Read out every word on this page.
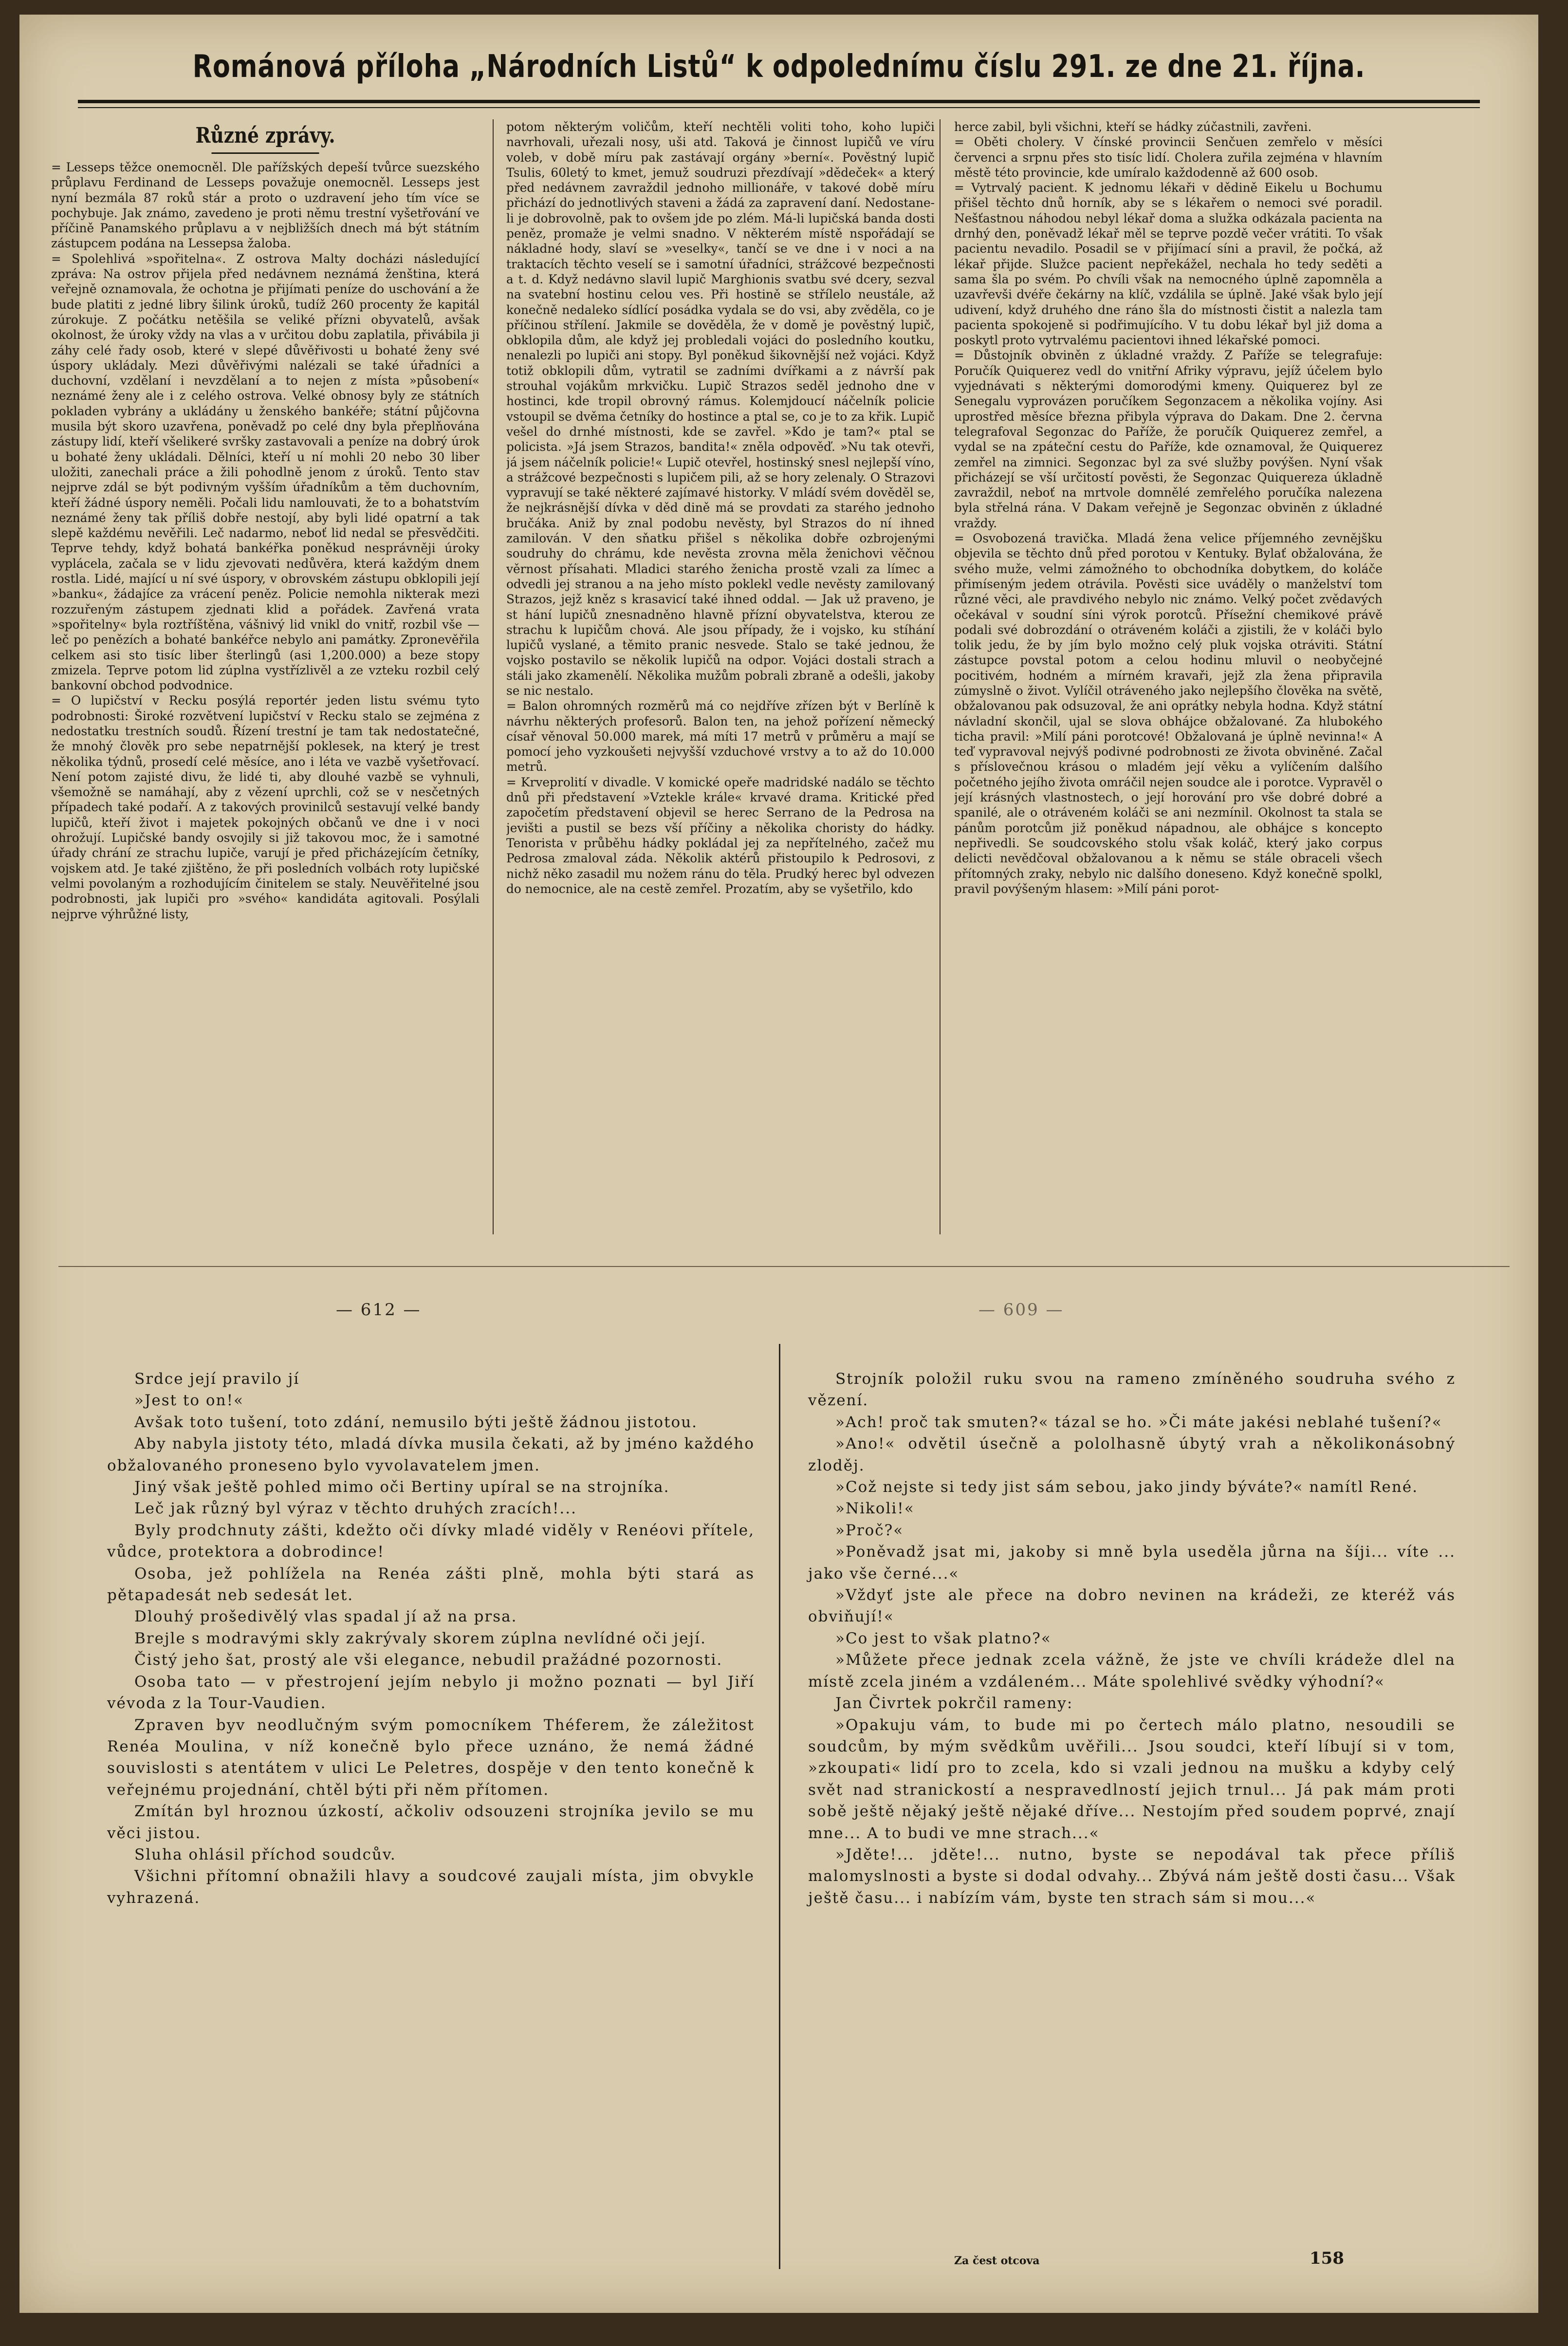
Románová příloha „Národních Listů“ k odpolednímu číslu 291. ze dne 21. října.
Různé zprávy.

= Lesseps těžce onemocněl. Dle pařížských depeší tvůrce suezského průplavu Ferdinand de Lesseps považuje onemocněl. Lesseps jest nyní bezmála 87 roků stár a proto o uzdravení jeho tím více se pochybuje. Jak známo, zavedeno je proti němu trestní vyšetřování ve příčině Panamského průplavu a v nejbližších dnech má být státním zástupcem podána na Lessepsa žaloba.

= Spolehlivá »spořitelna«. Z ostrova Malty docházi následující zpráva: Na ostrov přijela před nedávnem neznámá ženština, která veřejně oznamovala, že ochotna je přijímati peníze do uschování a že bude platiti z jedné libry šilink úroků, tudíž 260 procenty že kapitál zúrokuje. Z počátku netěšila se veliké přízni obyvatelů, avšak okolnost, že úroky vždy na vlas a v určitou dobu zaplatila, přivábila ji záhy celé řady osob, které v slepé důvěřivosti u bohaté ženy své úspory ukládaly. Mezi důvěřivými nalézali se také úřadníci a duchovní, vzdělaní i nevzdělaní a to nejen z místa »působení« neznámé ženy ale i z celého ostrova. Velké obnosy byly ze státních pokladen vybrány a ukládány u ženského bankéře; státní půjčovna musila být skoro uzavřena, poněvadž po celé dny byla přeplňována zástupy lidí, kteří všelikeré svršky zastavovali a peníze na dobrý úrok u bohaté ženy ukládali. Dělníci, kteří u ní mohli 20 nebo 30 liber uložiti, zanechali práce a žili pohodlně jenom z úroků. Tento stav nejprve zdál se být podivným vyšším úřadníkům a těm duchovním, kteří žádné úspory neměli. Počali lidu namlouvati, že to a bohatstvím neznámé ženy tak příliš dobře nestojí, aby byli lidé opatrní a tak slepě každému nevěřili. Leč nadarmo, neboť lid nedal se přesvědčiti. Teprve tehdy, když bohatá bankéřka poněkud nesprávněji úroky vyplácela, začala se v lidu zjevovati nedůvěra, která každým dnem rostla. Lidé, mající u ní své úspory, v obrovském zástupu obklopili její »banku«, žádajíce za vrácení peněz. Policie nemohla nikterak mezi rozzuřeným zástupem zjednati klid a pořádek. Zavřená vrata »spořitelny« byla roztříštěna, vášnivý lid vnikl do vnitř, rozbil vše — leč po penězích a bohaté bankéřce nebylo ani památky. Zpronevěřila celkem asi sto tisíc liber šterlingů (asi 1,200.000) a beze stopy zmizela. Teprve potom lid zúplna vystřízlivěl a ze vzteku rozbil celý bankovní obchod podvodnice.

= O lupičství v Recku posýlá reportér jeden listu svému tyto podrobnosti: Široké rozvětvení lupičství v Recku stalo se zejména z nedostatku trestních soudů. Řízení trestní je tam tak nedostatečné, že mnohý člověk pro sebe nepatrnější poklesek, na který je trest několika týdnů, prosedí celé měsíce, ano i léta ve vazbě vyšetřovací. Není potom zajisté divu, že lidé ti, aby dlouhé vazbě se vyhnuli, všemožně se namáhají, aby z vězení uprchli, což se v nesčetných případech také podaří. A z takových provinilců sestavují velké bandy lupičů, kteří život i majetek pokojných občanů ve dne i v noci ohrožují. Lupičské bandy osvojily si již takovou moc, že i samotné úřady chrání ze strachu lupiče, varují je před přicházejícím četníky, vojskem atd. Je také zjištěno, že při posledních volbách roty lupičské velmi povolaným a rozhodujícím činitelem se staly. Neuvěřitelné jsou podrobnosti, jak lupiči pro »svého« kandidáta agitovali. Posýlali nejprve výhrůžné listy,

potom některým voličům, kteří nechtěli voliti toho, koho lupiči navrhovali, uřezali nosy, uši atd. Taková je činnost lupičů ve víru voleb, v době míru pak zastávají orgány »berní«. Pověstný lupič Tsulis, 60letý to kmet, jemuž soudruzi přezdívají »dědeček« a který před nedávnem zavraždil jednoho millionáře, v takové době míru přichází do jednotlivých staveni a žádá za zapravení daní. Nedostane-li je dobrovolně, pak to ovšem jde po zlém. Má-li lupičská banda dosti peněz, promaže je velmi snadno. V některém místě nspořádají se nákladné hody, slaví se »veselky«, tančí se ve dne i v noci a na traktacích těchto veselí se i samotní úřadníci, strážcové bezpečnosti a t. d. Když nedávno slavil lupič Marghionis svatbu své dcery, sezval na svatební hostinu celou ves. Při hostině se střílelo neustále, až konečně nedaleko sídlící posádka vydala se do vsi, aby zvěděla, co je příčinou střílení. Jakmile se dověděla, že v domě je pověstný lupič, obklopila dům, ale když jej probledali vojáci do posledního koutku, nenalezli po lupiči ani stopy. Byl poněkud šikovnější než vojáci. Když totiž obklopili dům, vytratil se zadními dvířkami a z návrší pak strouhal vojákům mrkvičku. Lupič Strazos seděl jednoho dne v hostinci, kde tropil obrovný rámus. Kolemjdoucí náčelník policie vstoupil se dvěma četníky do hostince a ptal se, co je to za křik. Lupič vešel do drnhé místnosti, kde se zavřel. »Kdo je tam?« ptal se policista. »Já jsem Strazos, bandita!« zněla odpověď. »Nu tak otevři, já jsem náčelník policie!« Lupič otevřel, hostinský snesl nejlepší víno, a strážcové bezpečnosti s lupičem pili, až se hory zelenaly. O Strazovi vypravují se také některé zajímavé historky. V mládí svém dověděl se, že nejkrásnější dívka v děd dině má se provdati za starého jednoho bručáka. Aniž by znal podobu nevěsty, byl Strazos do ní ihned zamilován. V den sňatku přišel s několika dobře ozbrojenými soudruhy do chrámu, kde nevěsta zrovna měla ženichovi věčnou věrnost přísahati. Mladici starého ženicha prostě vzali za límec a odvedli jej stranou a na jeho místo poklekl vedle nevěsty zamilovaný Strazos, jejž kněz s krasavicí také ihned oddal. — Jak už praveno, je st hání lupičů znesnadněno hlavně přízní obyvatelstva, kterou ze strachu k lupičům chová. Ale jsou případy, že i vojsko, ku stíhání lupičů vyslané, a těmito pranic nesvede. Stalo se také jednou, že vojsko postavilo se několik lupičů na odpor. Vojáci dostali strach a stáli jako zkamenělí. Několika mužům pobrali zbraně a odešli, jakoby se nic nestalo.

= Balon ohromných rozměrů má co nejdříve zřízen být v Berlíně k návrhu některých profesorů. Balon ten, na jehož pořízení německý císař věnoval 50.000 marek, má míti 17 metrů v průměru a mají se pomocí jeho vyzkoušeti nejvyšší vzduchové vrstvy a to až do 10.000 metrů.

= Krveprolití v divadle. V komické opeře madridské nadálo se těchto dnů při představení »Vztekle krále« krvavé drama. Kritické před započetím představení objevil se herec Serrano de la Pedrosa na jevišti a pustil se bezs vší příčiny a několika choristy do hádky. Tenorista v průběhu hádky pokládal jej za nepřítelného, začež mu Pedrosa zmaloval záda. Několik aktérů přistoupilo k Pedrosovi, z nichž něko zasadil mu nožem ránu do těla. Prudký herec byl odvezen do nemocnice, ale na cestě zemřel. Prozatím, aby se vyšetřilo, kdo

herce zabil, byli všichni, kteří se hádky zúčastnili, zavřeni.

= Oběti cholery. V čínské provincii Senčuen zemřelo v měsíci červenci a srpnu přes sto tisíc lidí. Cholera zuřila zejména v hlavním městě této provincie, kde umíralo každodenně až 600 osob.

= Vytrvalý pacient. K jednomu lékaři v dědině Eikelu u Bochumu přišel těchto dnů horník, aby se s lékařem o nemoci své poradil. Nešťastnou náhodou nebyl lékař doma a služka odkázala pacienta na drnhý den, poněvadž lékař měl se teprve pozdě večer vrátiti. To však pacientu nevadilo. Posadil se v přijímací síni a pravil, že počká, až lékař přijde. Služce pacient nepřekážel, nechala ho tedy seděti a sama šla po svém. Po chvíli však na nemocného úplně zapomněla a uzavřevši dvéře čekárny na klíč, vzdálila se úplně. Jaké však bylo její udivení, když druhého dne ráno šla do místnosti čistit a nalezla tam pacienta spokojeně si podřimujícího. V tu dobu lékař byl již doma a poskytl proto vytrvalému pacientovi ihned lékařské pomoci.

= Důstojník obviněn z úkladné vraždy. Z Paříže se telegrafuje: Poručík Quiquerez vedl do vnitřní Afriky výpravu, jejíž účelem bylo vyjednávati s některými domorodými kmeny. Quiquerez byl ze Senegalu vyprovázen poručíkem Segonzacem a několika vojíny. Asi uprostřed měsíce března přibyla výprava do Dakam. Dne 2. června telegrafoval Segonzac do Paříže, že poručík Quiquerez zemřel, a vydal se na zpáteční cestu do Paříže, kde oznamoval, že Quiquerez zemřel na zimnici. Segonzac byl za své služby povýšen. Nyní však přicházejí se vší určitostí pověsti, že Segonzac Quiquereza úkladně zavraždil, neboť na mrtvole domnělé zemřelého poručíka nalezena byla střelná rána. V Dakam veřejně je Segonzac obviněn z úkladné vraždy.

= Osvobozená travička. Mladá žena velice příjemného zevnějšku objevila se těchto dnů před porotou v Kentuky. Bylať obžalována, že svého muže, velmi zámožného to obchodníka dobytkem, do koláče přimíseným jedem otrávila. Pověsti sice uváděly o manželství tom různé věci, ale pravdivého nebylo nic známo. Velký počet zvědavých očekával v soudní síni výrok porotců. Přísežní chemikové právě podali své dobrozdání o otráveném koláči a zjistili, že v koláči bylo tolik jedu, že by jím bylo možno celý pluk vojska otráviti. Státní zástupce povstal potom a celou hodinu mluvil o neobyčejné pocitivém, hodném a mírném kravaři, jejž zla žena připravila zúmyslně o život. Vylíčil otráveného jako nejlepšího člověka na světě, obžalovanou pak odsuzoval, že ani oprátky nebyla hodna. Když státní návladní skončil, ujal se slova obhájce obžalované. Za hlubokého ticha pravil: »Milí páni porotcové! Obžalovaná je úplně nevinna!« A teď vypravoval nejvýš podivné podrobnosti ze života obviněné. Začal s příslovečnou krásou o mladém její věku a vylíčením dalšího početného jejího života omráčil nejen soudce ale i porotce. Vypravěl o její krásných vlastnostech, o její horování pro vše dobré dobré a spanilé, ale o otráveném koláči se ani nezmínil. Okolnost ta stala se pánům porotcům již poněkud nápadnou, ale obhájce s koncepto nepřivedli. Se soudcovského stolu však koláč, který jako corpus delicti nevědčoval obžalovanou a k němu se stále obraceli všech přítomných zraky, nebylo nic dalšího doneseno. Když konečně spolkl, pravil povýšeným hlasem: »Milí páni porot-

— 612 —	— 609 —

Srdce její pravilo jí

»Jest to on!«

Avšak toto tušení, toto zdání, nemusilo býti ještě žádnou jistotou.

Aby nabyla jistoty této, mladá dívka musila čekati, až by jméno každého obžalovaného proneseno bylo vyvolavatelem jmen.

Jiný však ještě pohled mimo oči Bertiny upíral se na strojníka.

Leč jak různý byl výraz v těchto druhých zracích!...

Byly prodchnuty zášti, kdežto oči dívky mladé viděly v Renéovi přítele, vůdce, protektora a dobrodince!

Osoba, jež pohlížela na Renéa zášti plně, mohla býti stará as pětapadesát neb sedesát let.

Dlouhý prošedivělý vlas spadal jí až na prsa.

Brejle s modravými skly zakrývaly skorem zúplna nevlídné oči její.

Čistý jeho šat, prostý ale vši elegance, nebudil pražádné pozornosti.

Osoba tato — v přestrojení jejím nebylo ji možno poznati — byl Jiří vévoda z la Tour-Vaudien.

Zpraven byv neodlučným svým pomocníkem Théferem, že záležitost Renéa Moulina, v níž konečně bylo přece uznáno, že nemá žádné souvislosti s atentátem v ulici Le Peletres, dospěje v den tento konečně k veřejnému projednání, chtěl býti při něm přítomen.

Zmítán byl hroznou úzkostí, ačkoliv odsouzeni strojníka jevilo se mu věci jistou.

Sluha ohlásil příchod soudcův.

Všichni přítomní obnažili hlavy a soudcové zaujali místa, jim obvykle vyhrazená.

Strojník položil ruku svou na rameno zmíněného soudruha svého z vězení.

»Ach! proč tak smuten?« tázal se ho. »Či máte jakési neblahé tušení?«

»Ano!« odvětil úsečně a pololhasně úbytý vrah a několikonásobný zloděj.

»Což nejste si tedy jist sám sebou, jako jindy býváte?« namítl René.

»Nikoli!«

»Proč?«

»Poněvadž jsat mi, jakoby si mně byla useděla jůrna na šíji... víte ... jako vše černé...«

»Vždyť jste ale přece na dobro nevinen na krádeži, ze kteréž vás obviňují!«

»Co jest to však platno?«

»Můžete přece jednak zcela vážně, že jste ve chvíli krádeže dlel na místě zcela jiném a vzdáleném... Máte spolehlivé svědky výhodní?«

Jan Čivrtek pokrčil rameny:

»Opakuju vám, to bude mi po čertech málo platno, nesoudili se soudcům, by mým svědkům uvěřili... Jsou soudci, kteří líbují si v tom, »zkoupati« lidí pro to zcela, kdo si vzali jednou na mušku a kdyby celý svět nad stranickostí a nespravedlností jejich trnul... Já pak mám proti sobě ještě nějaký ještě nějaké dříve... Nestojím před soudem poprvé, znají mne... A to budi ve mne strach...«

»Jděte!... jděte!... nutno, byste se nepodával tak přece příliš malomyslnosti a byste si dodal odvahy... Zbývá nám ještě dosti času... Však ještě času... i nabízím vám, byste ten strach sám si mou...«

Za čest otcova	158
